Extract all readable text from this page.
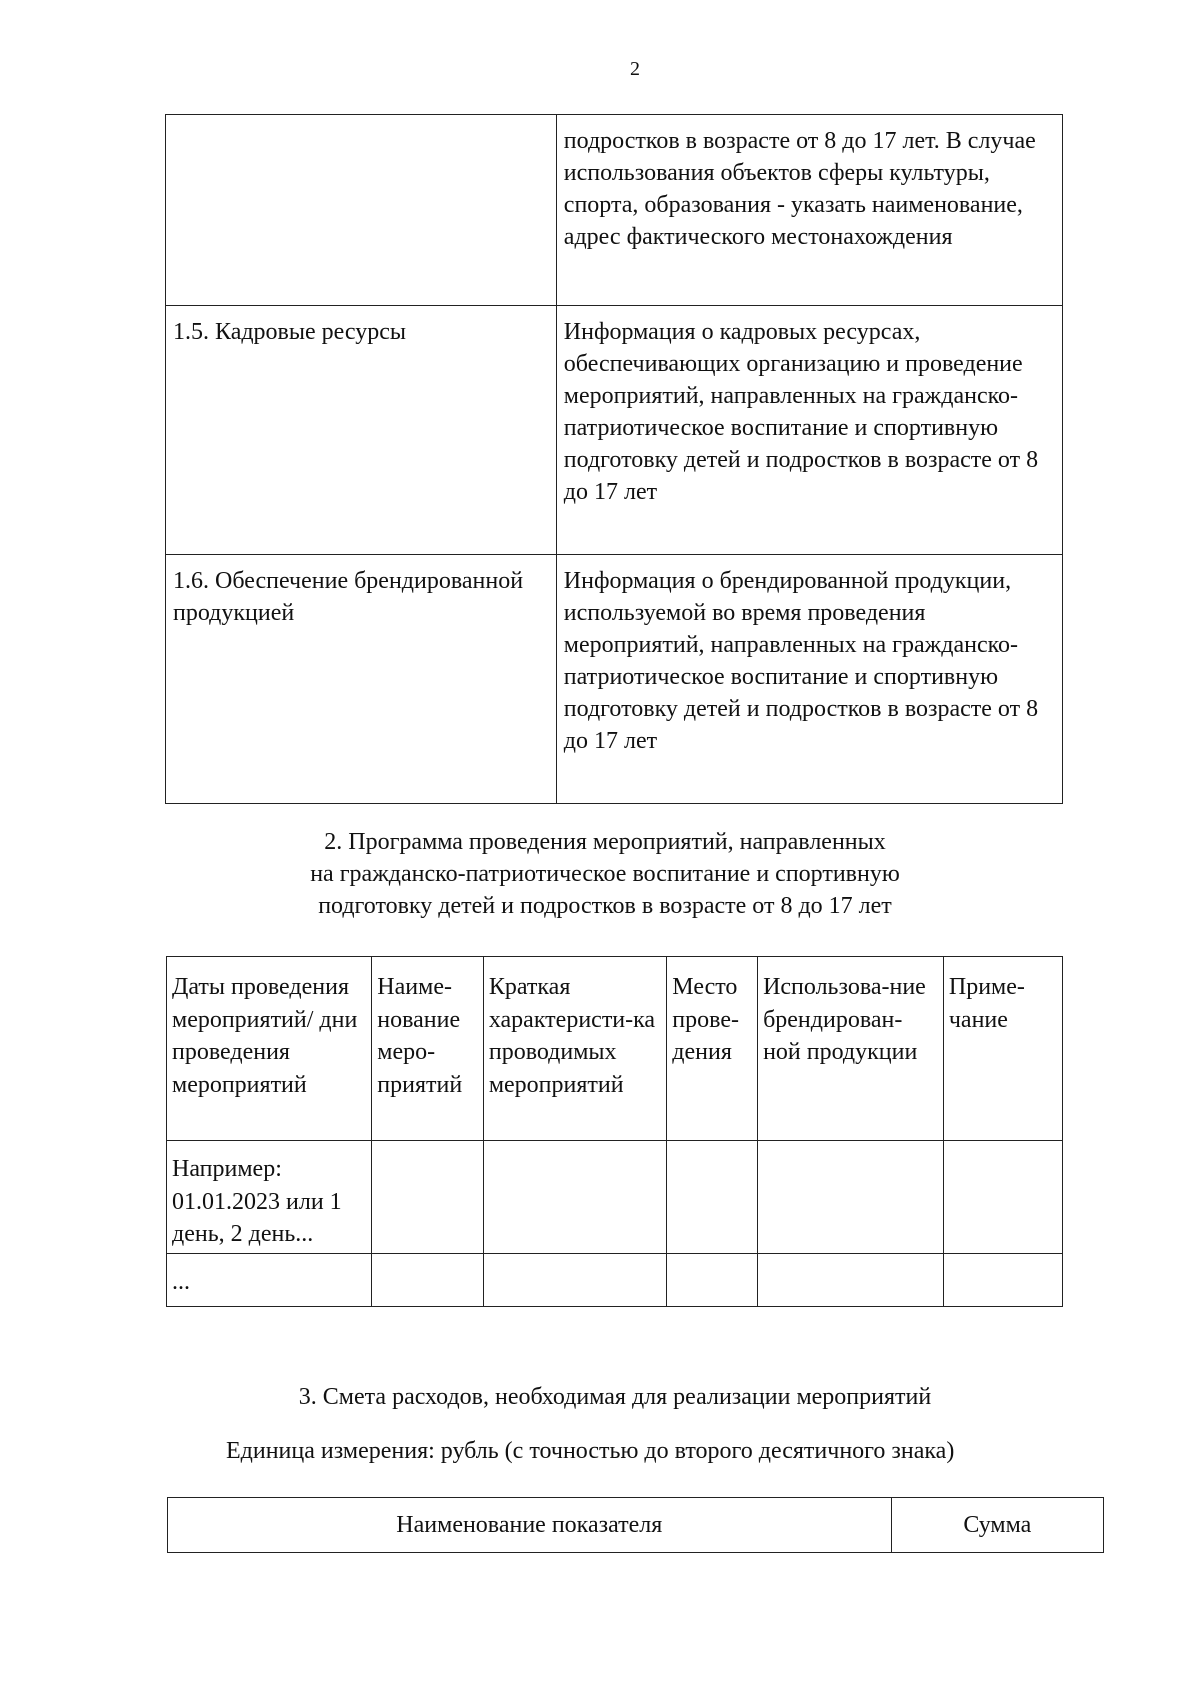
2
	подростков в возрасте от 8 до 17 лет. В случае использования объектов сферы культуры, спорта, образования - указать наименование, адрес фактического местонахождения
1.5. Кадровые ресурсы	Информация о кадровых ресурсах, обеспечивающих организацию и проведение мероприятий, направленных на гражданско-патриотическое воспитание и спортивную подготовку детей и подростков в возрасте от 8 до 17 лет
1.6. Обеспечение брендированной продукцией	Информация о брендированной продукции, используемой во время проведения мероприятий, направленных на гражданско-патриотическое воспитание и спортивную подготовку детей и подростков в возрасте от 8 до 17 лет
2. Программа проведения мероприятий, направленных
на гражданско-патриотическое воспитание и спортивную
подготовку детей и подростков в возрасте от 8 до 17 лет
Даты проведения мероприятий/ дни проведения мероприятий	Наиме-нование меро-приятий	Краткая характеристи-ка проводимых мероприятий	Место прове-дения	Использова-ние брендирован-ной продукции	Приме-чание
Например: 01.01.2023 или 1 день, 2 день...					
...					
3. Смета расходов, необходимая для реализации мероприятий
Единица измерения: рубль (с точностью до второго десятичного знака)
Наименование показателя	Сумма
